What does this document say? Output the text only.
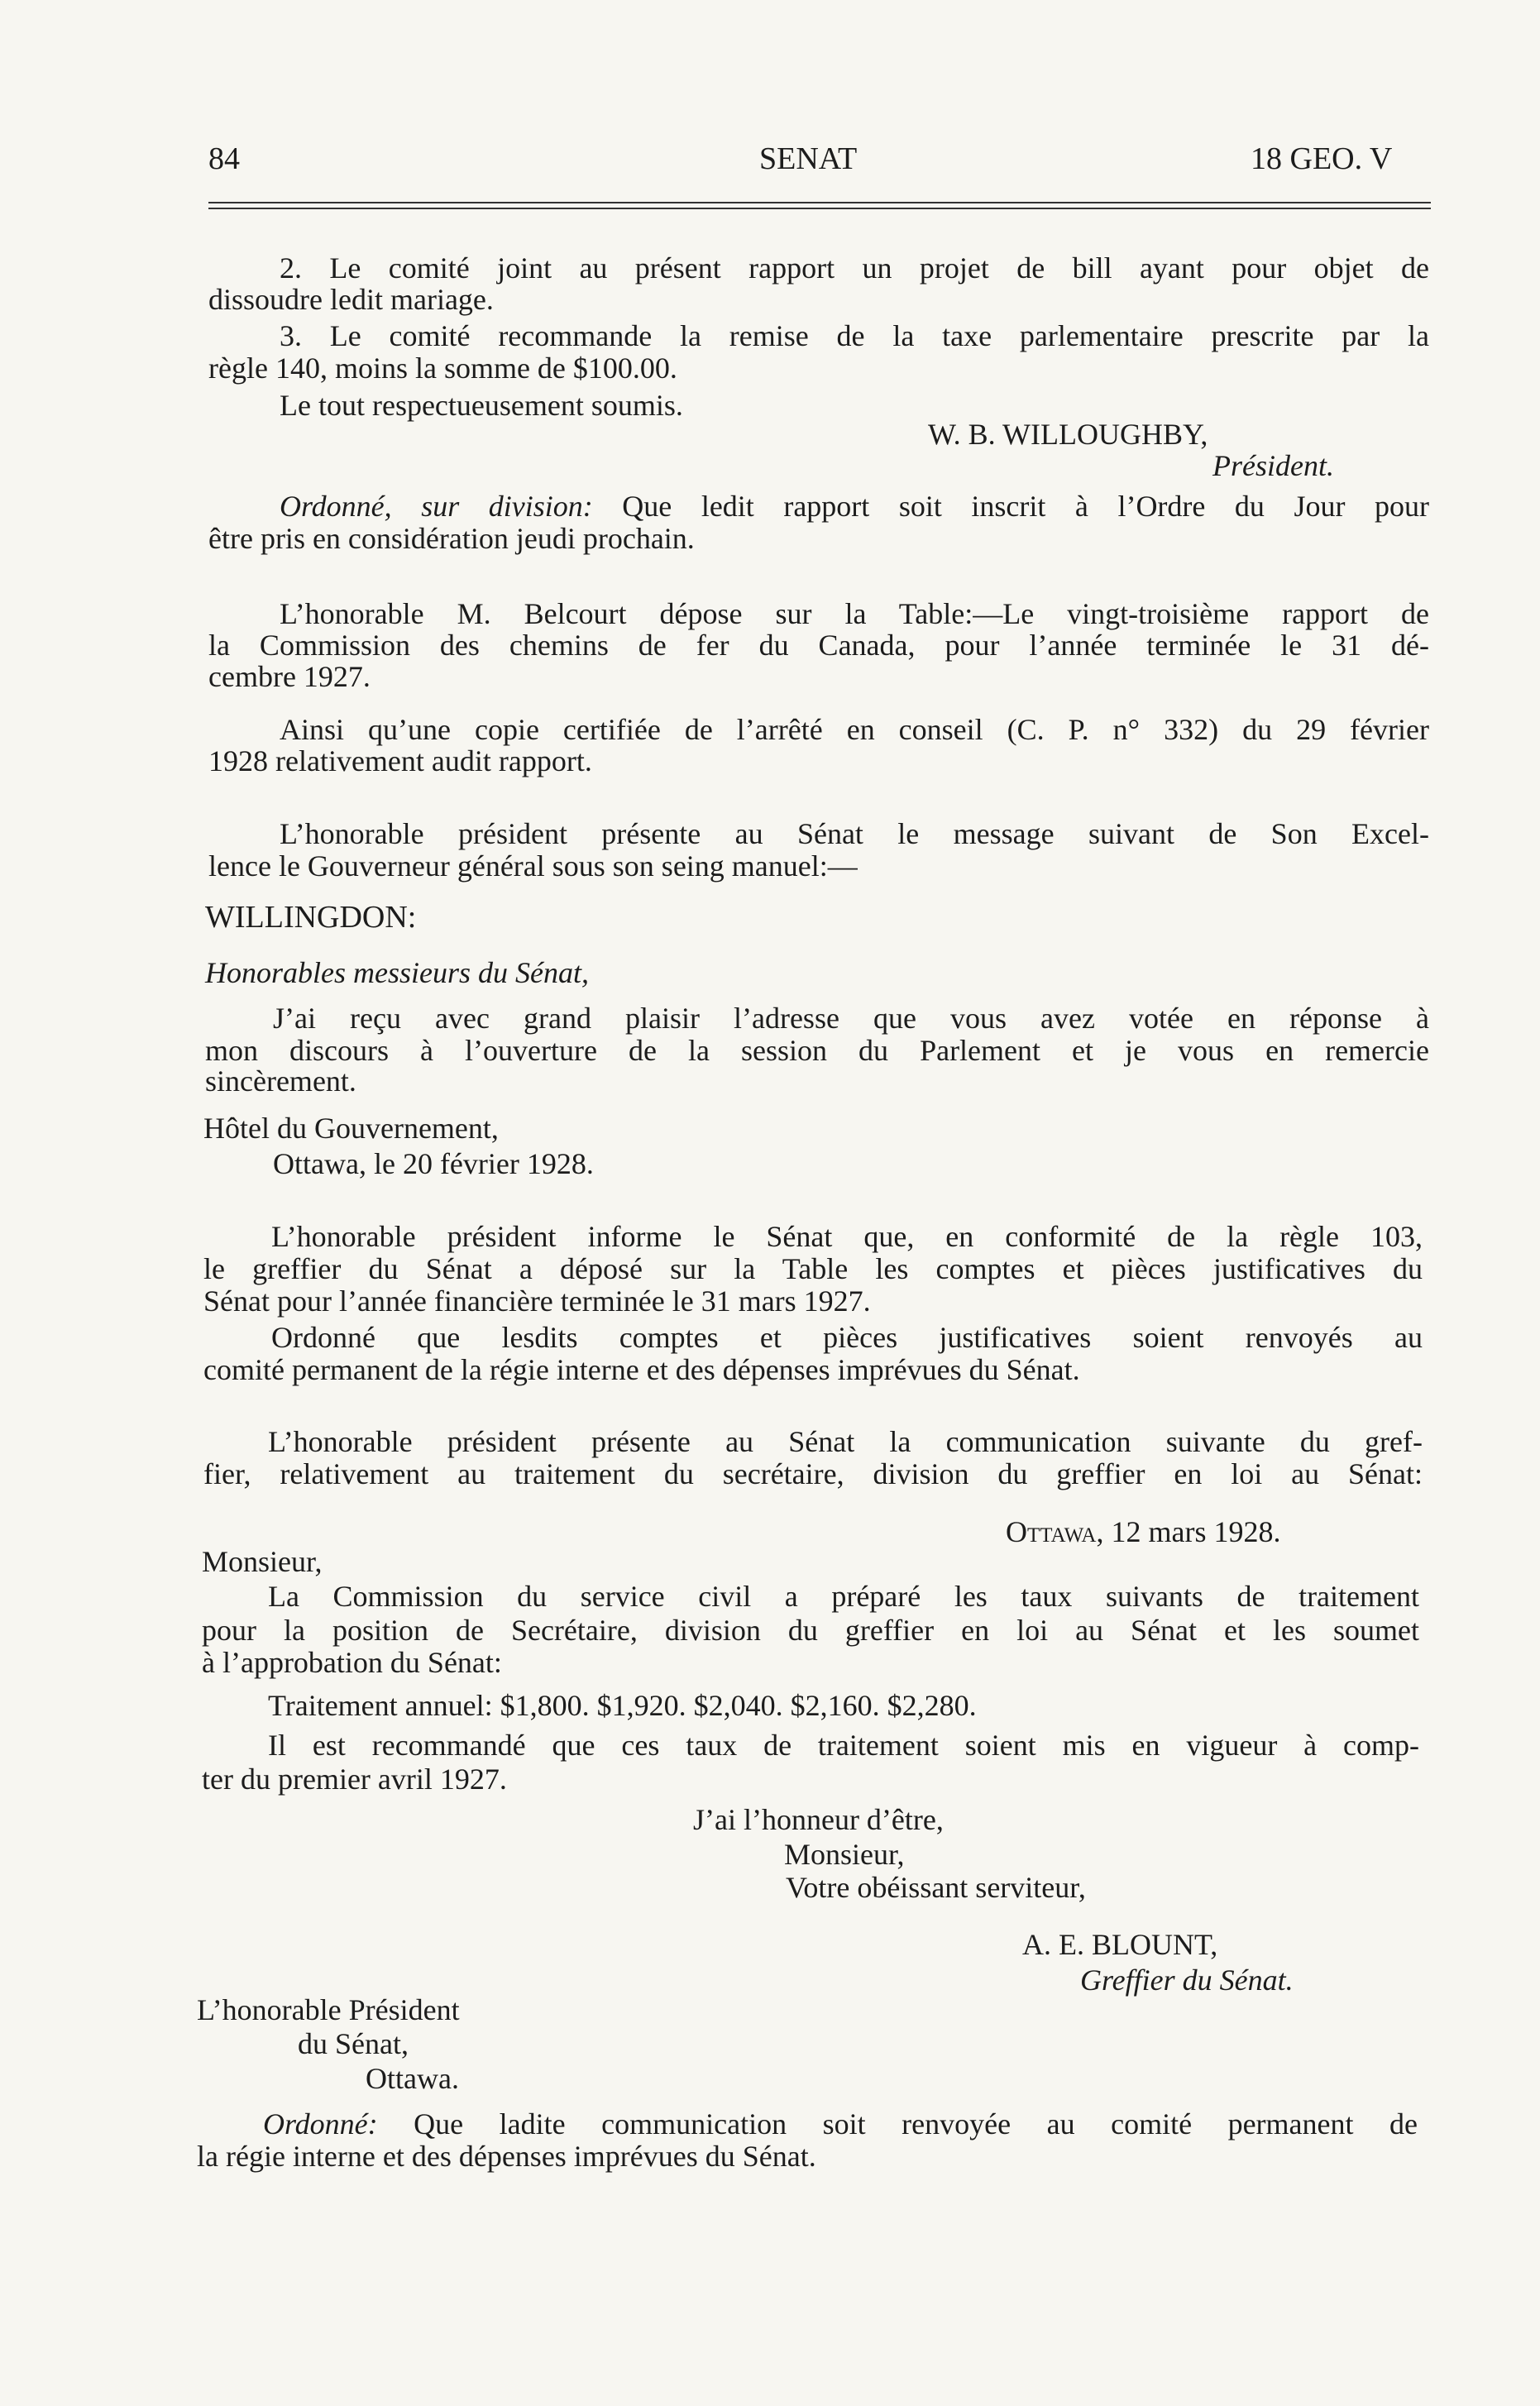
84	SENAT	18 GEO. V

2. Le comité joint au présent rapport un projet de bill ayant pour objet de

dissoudre ledit mariage.

3. Le comité recommande la remise de la taxe parlementaire prescrite par la

règle 140, moins la somme de $100.00.

Le tout respectueusement soumis.

W. B. WILLOUGHBY,

Président.

Ordonné, sur division: Que ledit rapport soit inscrit à l’Ordre du Jour pour

être pris en considération jeudi prochain.

L’honorable M. Belcourt dépose sur la Table:—Le vingt-troisième rapport de

la Commission des chemins de fer du Canada, pour l’année terminée le 31 dé-

cembre 1927.

Ainsi qu’une copie certifiée de l’arrêté en conseil (C. P. n° 332) du 29 février

1928 relativement audit rapport.

L’honorable président présente au Sénat le message suivant de Son Excel-

lence le Gouverneur général sous son seing manuel:—

WILLINGDON:

Honorables messieurs du Sénat,

J’ai reçu avec grand plaisir l’adresse que vous avez votée en réponse à

mon discours à l’ouverture de la session du Parlement et je vous en remercie

sincèrement.

Hôtel du Gouvernement,

Ottawa, le 20 février 1928.

L’honorable président informe le Sénat que, en conformité de la règle 103,

le greffier du Sénat a déposé sur la Table les comptes et pièces justificatives du

Sénat pour l’année financière terminée le 31 mars 1927.

Ordonné que lesdits comptes et pièces justificatives soient renvoyés au

comité permanent de la régie interne et des dépenses imprévues du Sénat.

L’honorable président présente au Sénat la communication suivante du gref-

fier, relativement au traitement du secrétaire, division du greffier en loi au Sénat:

Ottawa, 12 mars 1928.

Monsieur,

La Commission du service civil a préparé les taux suivants de traitement

pour la position de Secrétaire, division du greffier en loi au Sénat et les soumet

à l’approbation du Sénat:

Traitement annuel: $1,800. $1,920. $2,040. $2,160. $2,280.

Il est recommandé que ces taux de traitement soient mis en vigueur à comp-

ter du premier avril 1927.

J’ai l’honneur d’être,

Monsieur,

Votre obéissant serviteur,

A. E. BLOUNT,

Greffier du Sénat.

L’honorable Président

du Sénat,

Ottawa.

Ordonné: Que ladite communication soit renvoyée au comité permanent de

la régie interne et des dépenses imprévues du Sénat.
